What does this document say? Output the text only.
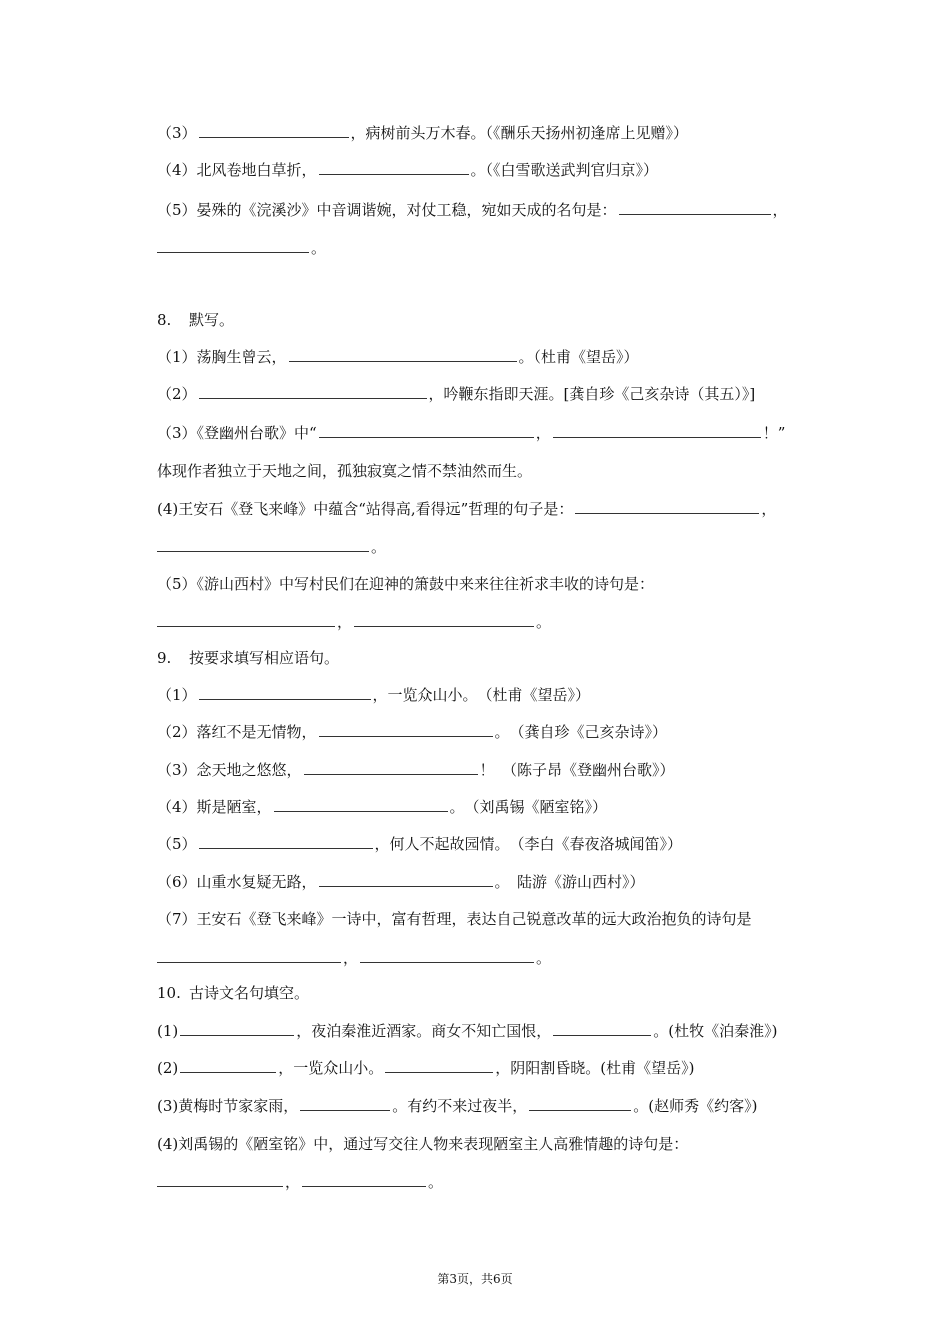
（3）	，病树前头万木春。（《酬乐天扬州初逢席上见赠》）
（4）北风卷地白草折，	。（《白雪歌送武判官归京》）
（5）晏殊的《浣溪沙》中音调谐婉，对仗工稳，宛如天成的名句是：	，
。
8. 默写。
（1）荡胸生曾云，	。（杜甫《望岳》）
（2）	，吟鞭东指即天涯。[龚自珍《己亥杂诗（其五）》]
（3）《登幽州台歌》中“	，	！”
体现作者独立于天地之间，孤独寂寞之情不禁油然而生。
(4)王安石《登飞来峰》中蕴含“站得高,看得远”哲理的句子是：	，
。
（5）《游山西村》中写村民们在迎神的箫鼓中来来往往祈求丰收的诗句是：
，	。
9. 按要求填写相应语句。
（1）	，一览众山小。　（杜甫《望岳》）
（2）落红不是无情物，	。　（龚自珍《己亥杂诗》）
（3）念天地之悠悠，	！　（陈子昂《登幽州台歌》）
（4）斯是陋室，	。　（刘禹锡《陋室铭》）
（5）	，何人不起故园情。　（李白《春夜洛城闻笛》）
（6）山重水复疑无路，	。　陆游《游山西村》）
（7）王安石《登飞来峰》一诗中，富有哲理，表达自己锐意改革的远大政治抱负的诗句是
，	。
10. 古诗文名句填空。
(1)	，夜泊秦淮近酒家。商女不知亡国恨，	。(杜牧《泊秦淮》)
(2)	，一览众山小。	，阴阳割昏晓。(杜甫《望岳》)
(3)黄梅时节家家雨，	。有约不来过夜半，	。(赵师秀《约客》)
(4)刘禹锡的《陋室铭》中，通过写交往人物来表现陋室主人高雅情趣的诗句是：
，	。
第3页，共6页
